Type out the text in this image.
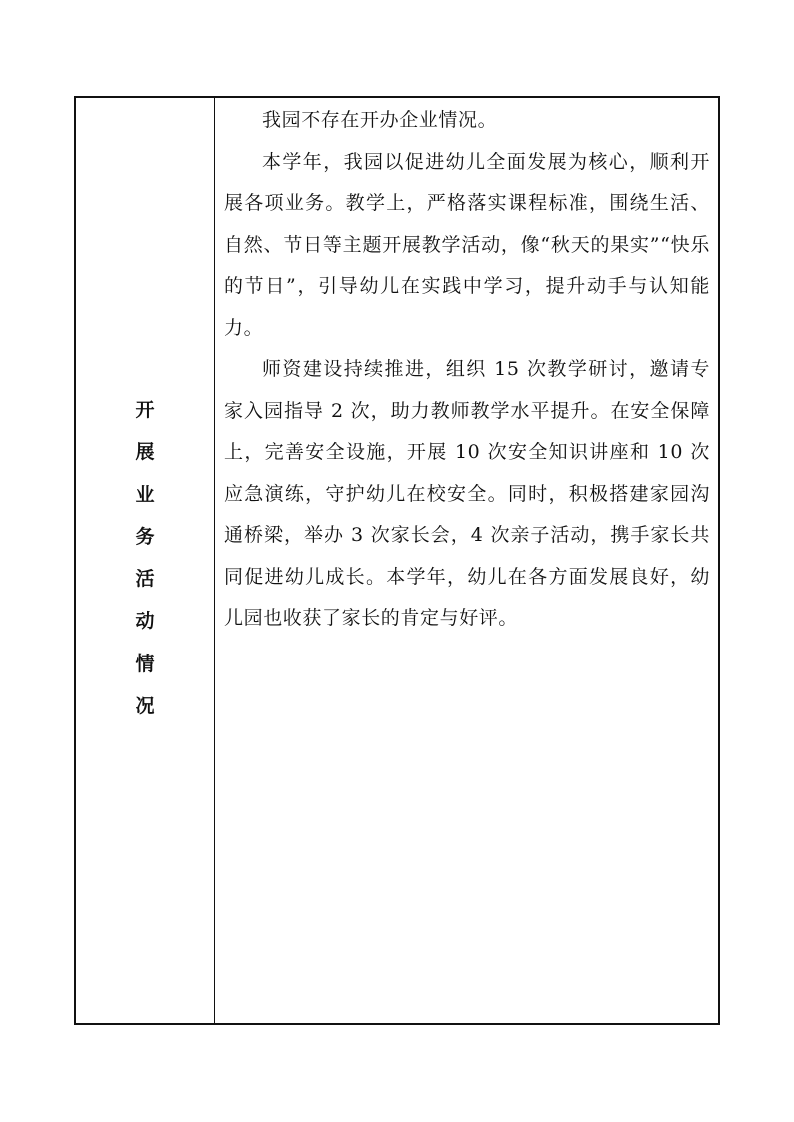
开
展
业
务
活
动
情
况

我园不存在开办企业情况。

本学年，我园以促进幼儿全面发展为核心，顺利开展各项业务。教学上，严格落实课程标准，围绕生活、自然、节日等主题开展教学活动，像“秋天的果实”“快乐的节日”，引导幼儿在实践中学习，提升动手与认知能力。

师资建设持续推进，组织 15 次教学研讨，邀请专家入园指导 2 次，助力教师教学水平提升。在安全保障上，完善安全设施，开展 10 次安全知识讲座和 10 次应急演练，守护幼儿在校安全。同时，积极搭建家园沟通桥梁，举办 3 次家长会，4 次亲子活动，携手家长共同促进幼儿成长。本学年，幼儿在各方面发展良好，幼儿园也收获了家长的肯定与好评。
